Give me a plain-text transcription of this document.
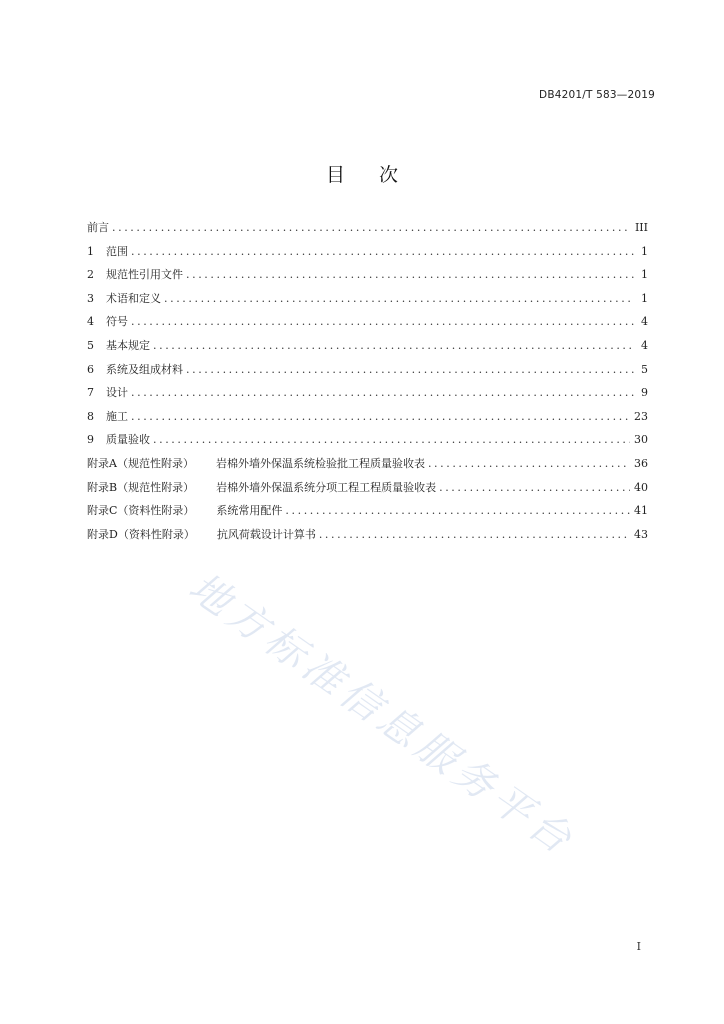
DB4201/T 583—2019
目 次
前言 .....	III
1	范围 .....	1
2	规范性引用文件 .....	1
3	术语和定义 .....	1
4	符号 .....	4
5	基本规定 .....	4
6	系统及组成材料 .....	5
7	设计 .....	9
8	施工 .....	23
9	质量验收 .....	30
附录A（规范性附录） 岩棉外墙外保温系统检验批工程质量验收表 .....	36
附录B（规范性附录） 岩棉外墙外保温系统分项工程工程质量验收表 .....	40
附录C（资料性附录） 系统常用配件 .....	41
附录D（资料性附录） 抗风荷载设计计算书 .....	43
地方标准信息服务平台
I
